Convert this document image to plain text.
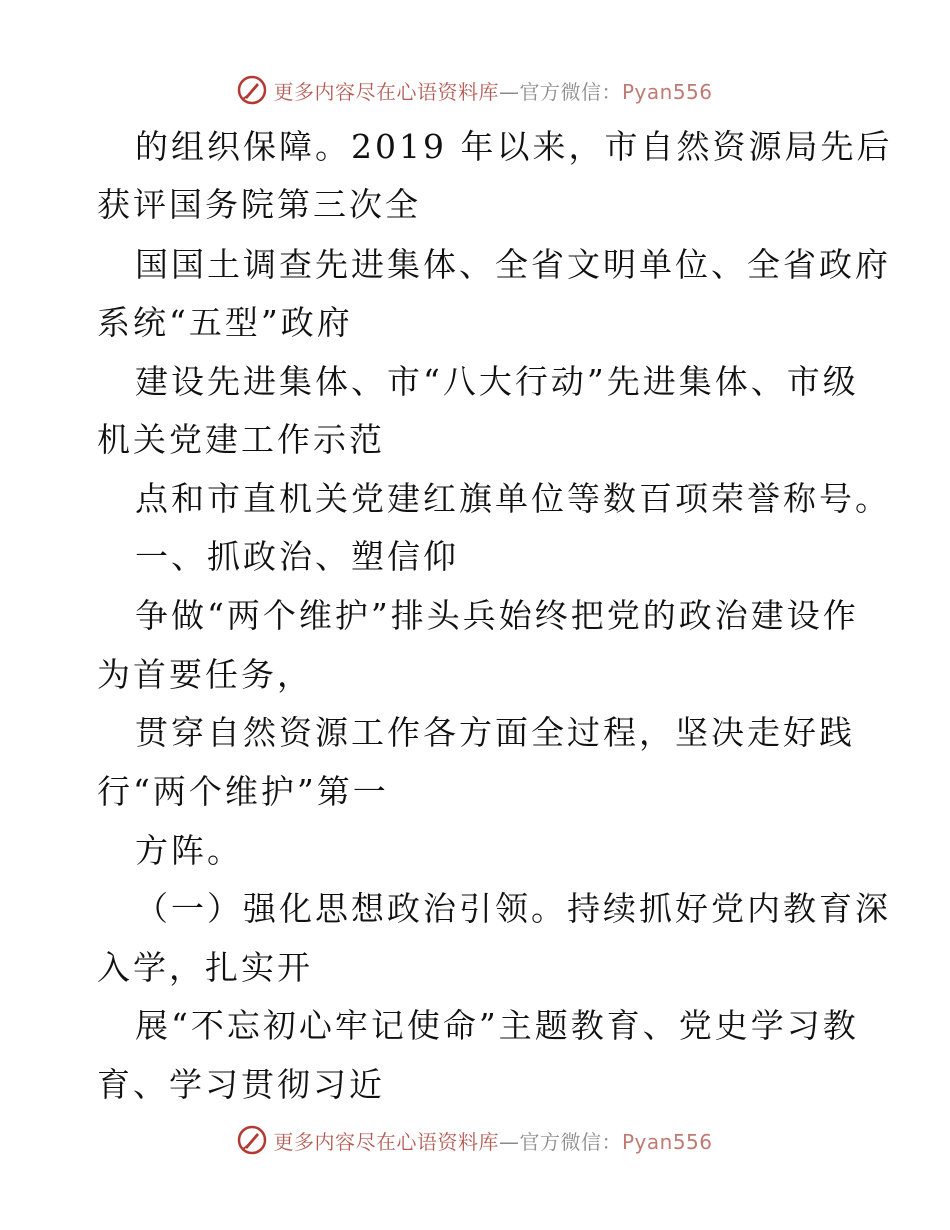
更多内容尽在心语资料库—官方微信：Pyan556
的组织保障。2019 年以来，市自然资源局先后
获评国务院第三次全
国国土调查先进集体、全省文明单位、全省政府
系统“五型”政府
建设先进集体、市“八大行动”先进集体、市级
机关党建工作示范
点和市直机关党建红旗单位等数百项荣誉称号。
一、抓政治、塑信仰
争做“两个维护”排头兵始终把党的政治建设作
为首要任务，
贯穿自然资源工作各方面全过程，坚决走好践
行“两个维护”第一
方阵。
（一）强化思想政治引领。持续抓好党内教育深
入学，扎实开
展“不忘初心牢记使命”主题教育、党史学习教
育、学习贯彻习近
更多内容尽在心语资料库—官方微信：Pyan556
